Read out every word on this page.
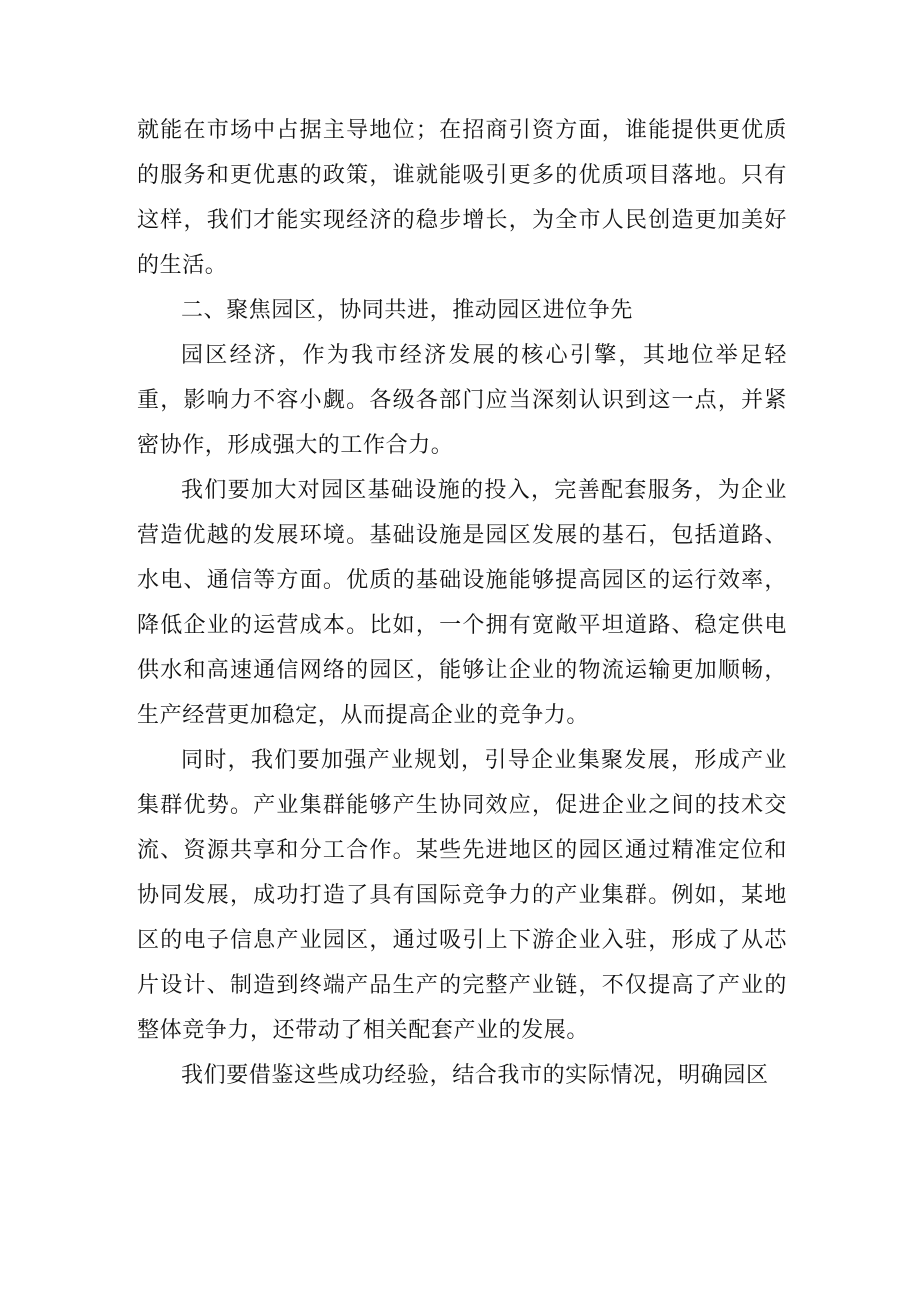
就能在市场中占据主导地位；在招商引资方面，谁能提供更优质的服务和更优惠的政策，谁就能吸引更多的优质项目落地。只有这样，我们才能实现经济的稳步增长，为全市人民创造更加美好的生活。

二、聚焦园区，协同共进，推动园区进位争先

园区经济，作为我市经济发展的核心引擎，其地位举足轻重，影响力不容小觑。各级各部门应当深刻认识到这一点，并紧密协作，形成强大的工作合力。

我们要加大对园区基础设施的投入，完善配套服务，为企业营造优越的发展环境。基础设施是园区发展的基石，包括道路、水电、通信等方面。优质的基础设施能够提高园区的运行效率，降低企业的运营成本。比如，一个拥有宽敞平坦道路、稳定供电供水和高速通信网络的园区，能够让企业的物流运输更加顺畅，生产经营更加稳定，从而提高企业的竞争力。

同时，我们要加强产业规划，引导企业集聚发展，形成产业集群优势。产业集群能够产生协同效应，促进企业之间的技术交流、资源共享和分工合作。某些先进地区的园区通过精准定位和协同发展，成功打造了具有国际竞争力的产业集群。例如，某地区的电子信息产业园区，通过吸引上下游企业入驻，形成了从芯片设计、制造到终端产品生产的完整产业链，不仅提高了产业的整体竞争力，还带动了相关配套产业的发展。

我们要借鉴这些成功经验，结合我市的实际情况，明确园区
